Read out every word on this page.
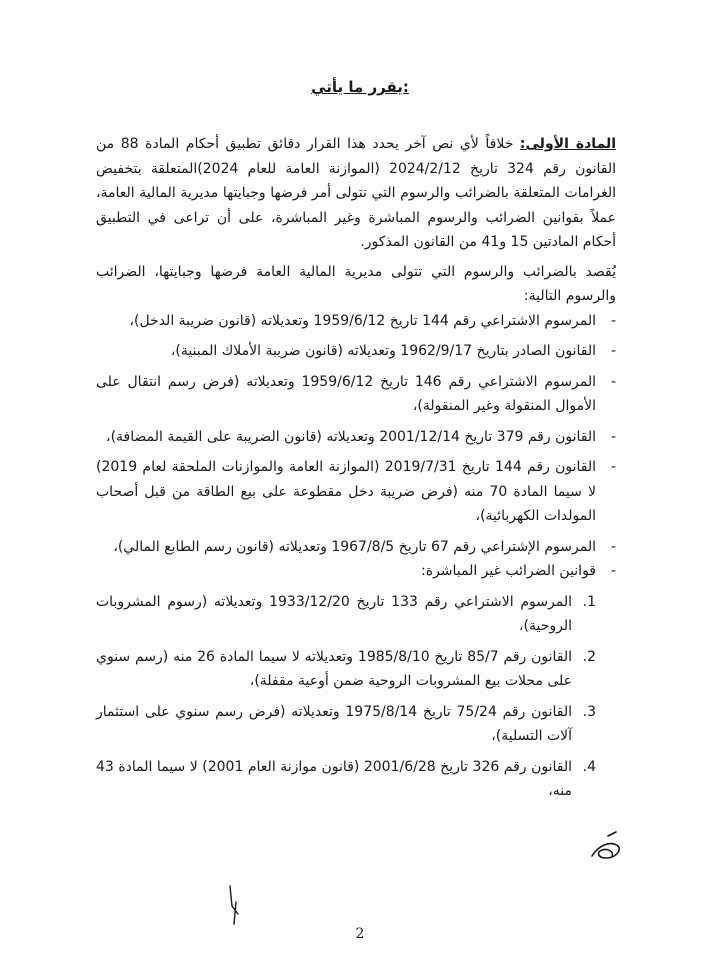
يقرر ما يأتي:

المادة الأولى: خلافاً لأي نص آخر يحدد هذا القرار دقائق تطبيق أحكام المادة 88 من القانون رقم 324 تاريخ 2024/2/12 (الموازنة العامة للعام 2024)المتعلقة بتخفيض الغرامات المتعلقة بالضرائب والرسوم التي تتولى أمر فرضها وجبايتها مديرية المالية العامة، عملاً بقوانين الضرائب والرسوم المباشرة وغير المباشرة، على أن تراعى في التطبيق أحكام المادتين 15 و41 من القانون المذكور.

يُقصد بالضرائب والرسوم التي تتولى مديرية المالية العامة فرضها وجبايتها، الضرائب والرسوم التالية:

-
المرسوم الاشتراعي رقم 144 تاريخ 1959/6/12 وتعديلاته (قانون ضريبة الدخل)،
-
القانون الصادر بتاريخ 1962/9/17 وتعديلاته (قانون ضريبة الأملاك المبنية)،
-
المرسوم الاشتراعي رقم 146 تاريخ 1959/6/12 وتعديلاته (فرض رسم انتقال على الأموال المنقولة وغير المنقولة)،
-
القانون رقم 379 تاريخ 2001/12/14 وتعديلاته (قانون الضريبة على القيمة المضافة)،
-
القانون رقم 144 تاريخ 2019/7/31 (الموازنة العامة والموازنات الملحقة لعام 2019) لا سيما المادة 70 منه (فرض ضريبة دخل مقطوعة على بيع الطاقة من قبل أصحاب المولدات الكهربائية)،
-
المرسوم الإشتراعي رقم 67 تاريخ 1967/8/5 وتعديلاته (قانون رسم الطابع المالي)،
-
قوانين الضرائب غير المباشرة:
1.
المرسوم الاشتراعي رقم 133 تاريخ 1933/12/20 وتعديلاته (رسوم المشروبات الروحية)،
2.
القانون رقم 85/7 تاريخ 1985/8/10 وتعديلاته لا سيما المادة 26 منه (رسم سنوي على محلات بيع المشروبات الروحية ضمن أوعية مقفلة)،
3.
القانون رقم 75/24 تاريخ 1975/8/14 وتعديلاته (فرض رسم سنوي على استثمار آلات التسلية)،
4.
القانون رقم 326 تاريخ 2001/6/28 (قانون موازنة العام 2001) لا سيما المادة 43 منه،
2
